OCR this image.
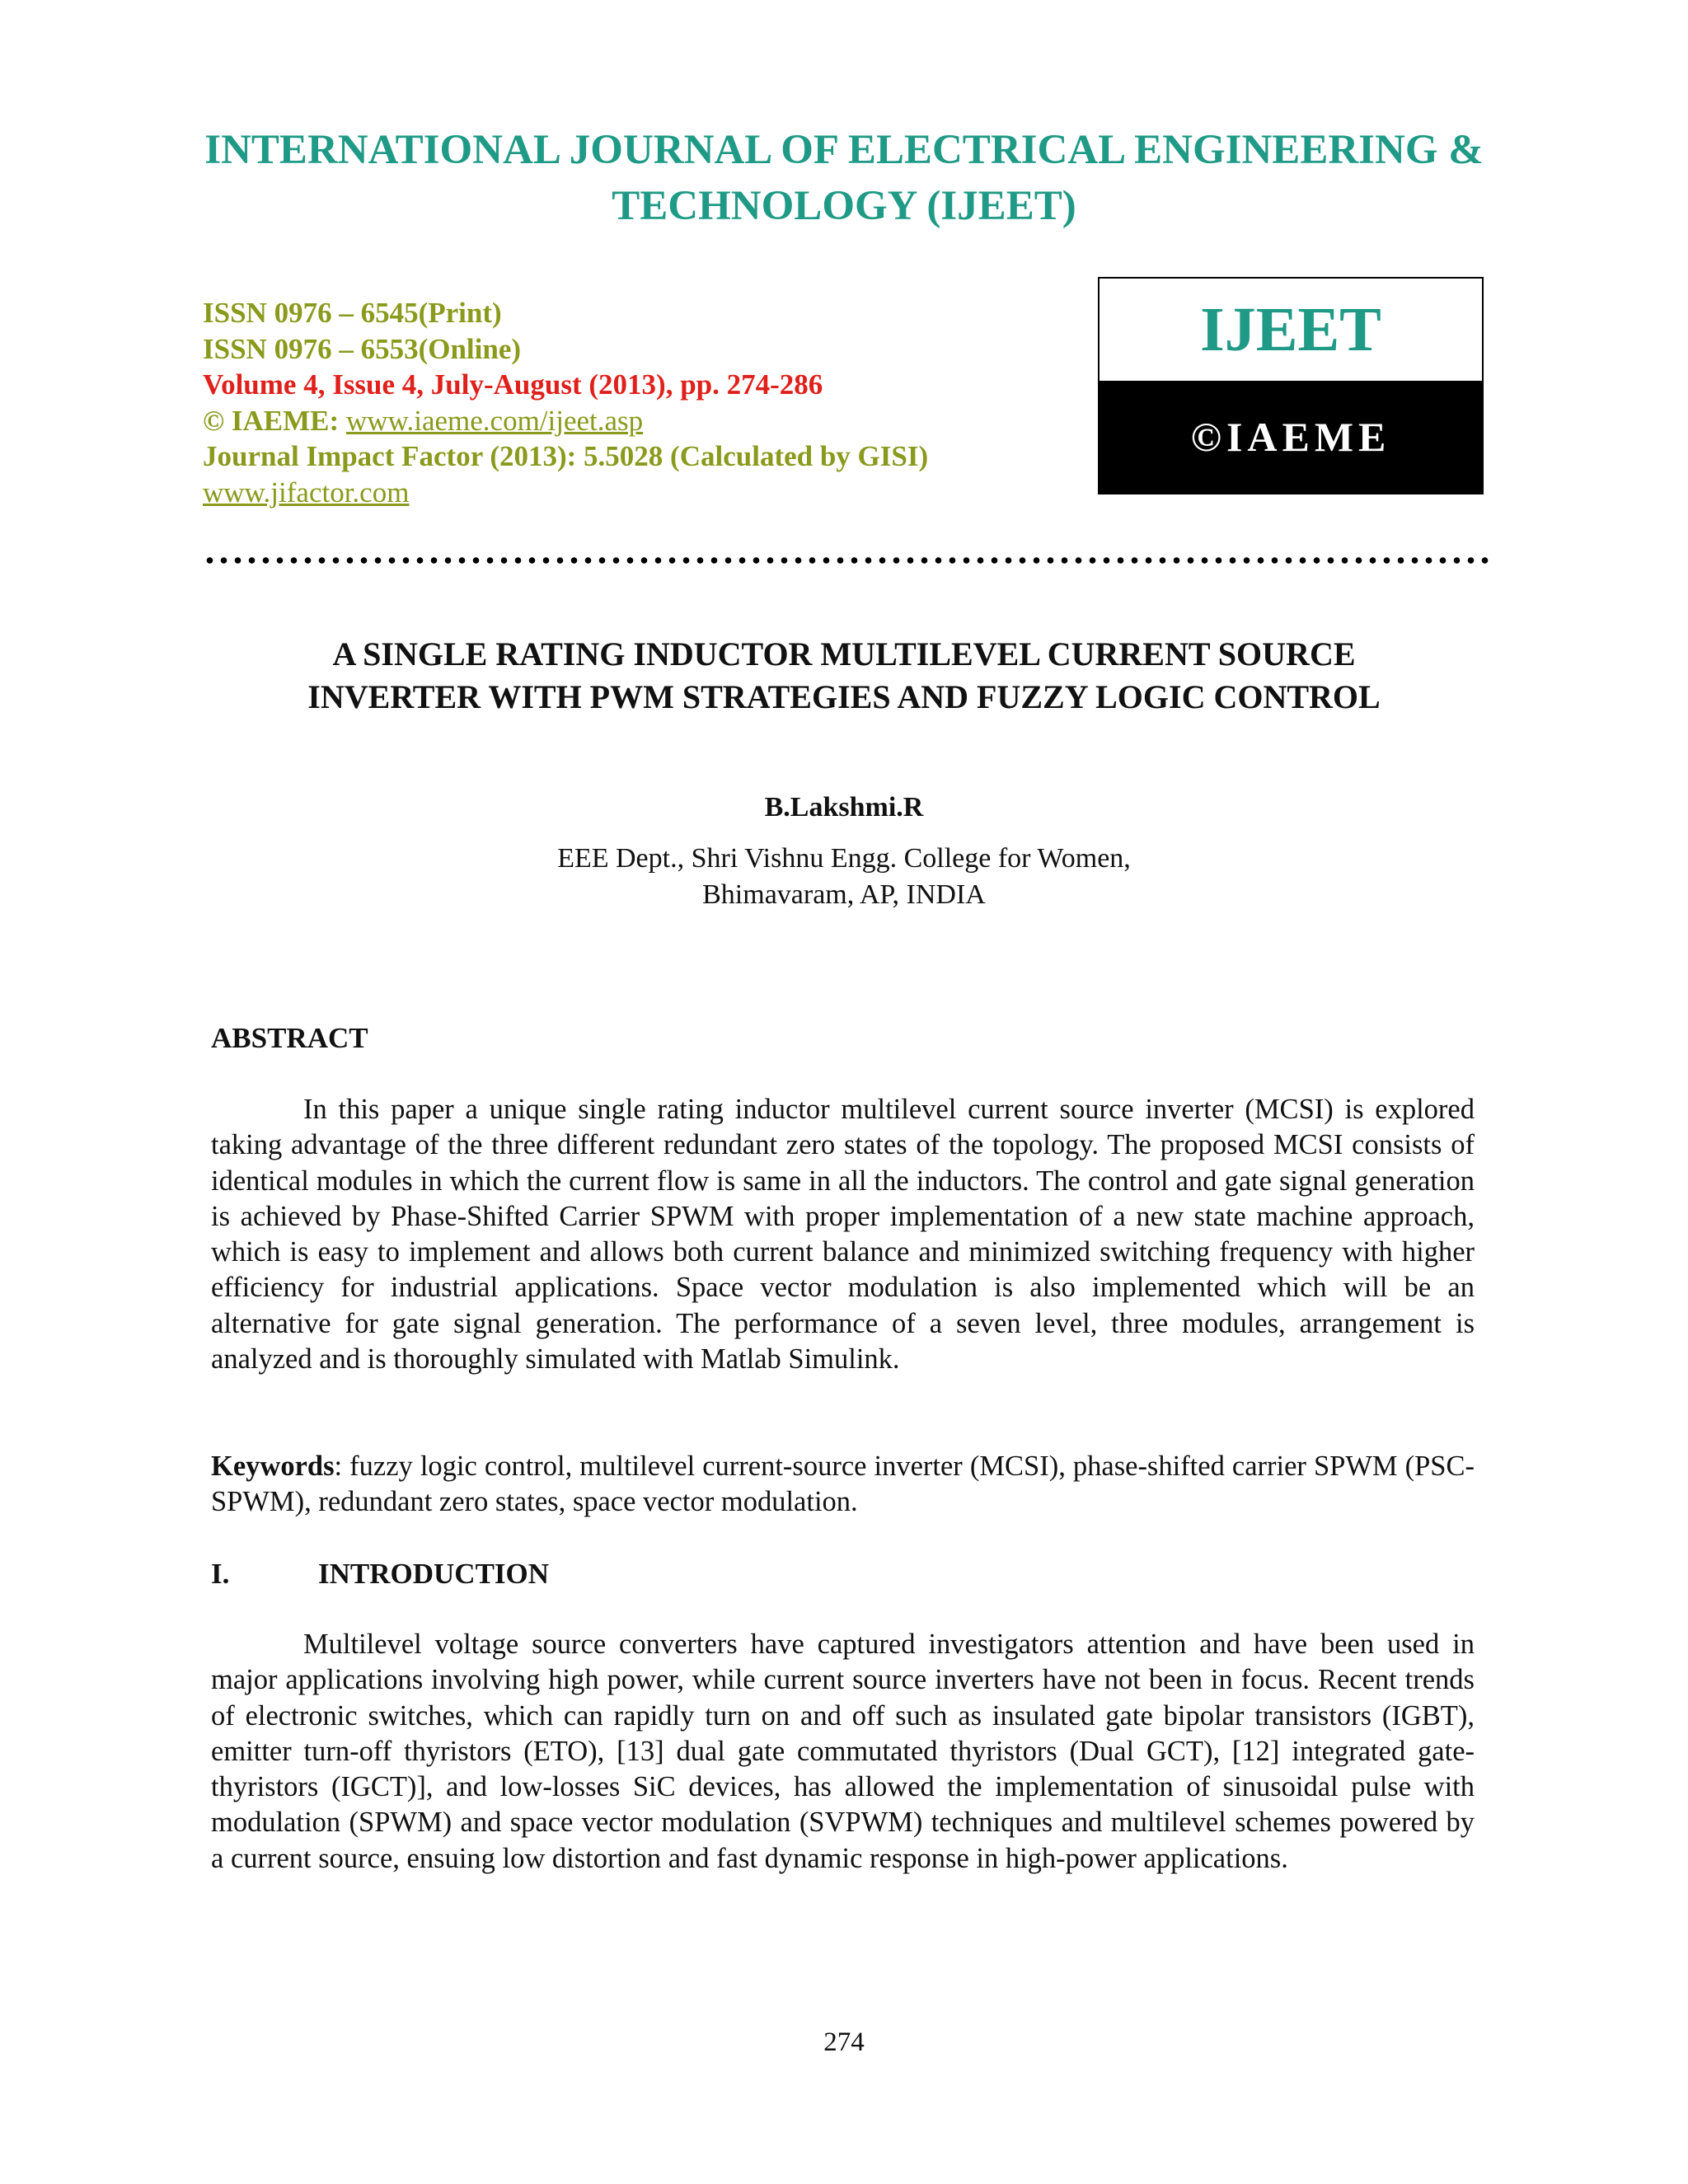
INTERNATIONAL JOURNAL OF ELECTRICAL ENGINEERING &
TECHNOLOGY (IJEET)
ISSN 0976 – 6545(Print)
ISSN 0976 – 6553(Online)
Volume 4, Issue 4, July-August (2013), pp. 274-286
© IAEME: www.iaeme.com/ijeet.asp
Journal Impact Factor (2013): 5.5028 (Calculated by GISI)
www.jifactor.com
IJEET
©IAEME
A SINGLE RATING INDUCTOR MULTILEVEL CURRENT SOURCE
INVERTER WITH PWM STRATEGIES AND FUZZY LOGIC CONTROL
B.Lakshmi.R
EEE Dept., Shri Vishnu Engg. College for Women,
Bhimavaram, AP, INDIA
ABSTRACT
In this paper a unique single rating inductor multilevel current source inverter (MCSI) is explored taking advantage of the three different redundant zero states of the topology. The proposed MCSI consists of identical modules in which the current flow is same in all the inductors. The control and gate signal generation is achieved by Phase-Shifted Carrier SPWM with proper implementation of a new state machine approach, which is easy to implement and allows both current balance and minimized switching frequency with higher efficiency for industrial applications. Space vector modulation is also implemented which will be an alternative for gate signal generation. The performance of a seven level, three modules, arrangement is analyzed and is thoroughly simulated with Matlab Simulink.
Keywords: fuzzy logic control, multilevel current-source inverter (MCSI), phase-shifted carrier SPWM (PSC-SPWM), redundant zero states, space vector modulation.
I.	INTRODUCTION
Multilevel voltage source converters have captured investigators attention and have been used in major applications involving high power, while current source inverters have not been in focus. Recent trends of electronic switches, which can rapidly turn on and off such as insulated gate bipolar transistors (IGBT), emitter turn-off thyristors (ETO), [13] dual gate commutated thyristors (Dual GCT), [12] integrated gate-thyristors (IGCT)], and low-losses SiC devices, has allowed the implementation of sinusoidal pulse with modulation (SPWM) and space vector modulation (SVPWM) techniques and multilevel schemes powered by a current source, ensuing low distortion and fast dynamic response in high-power applications.
274
